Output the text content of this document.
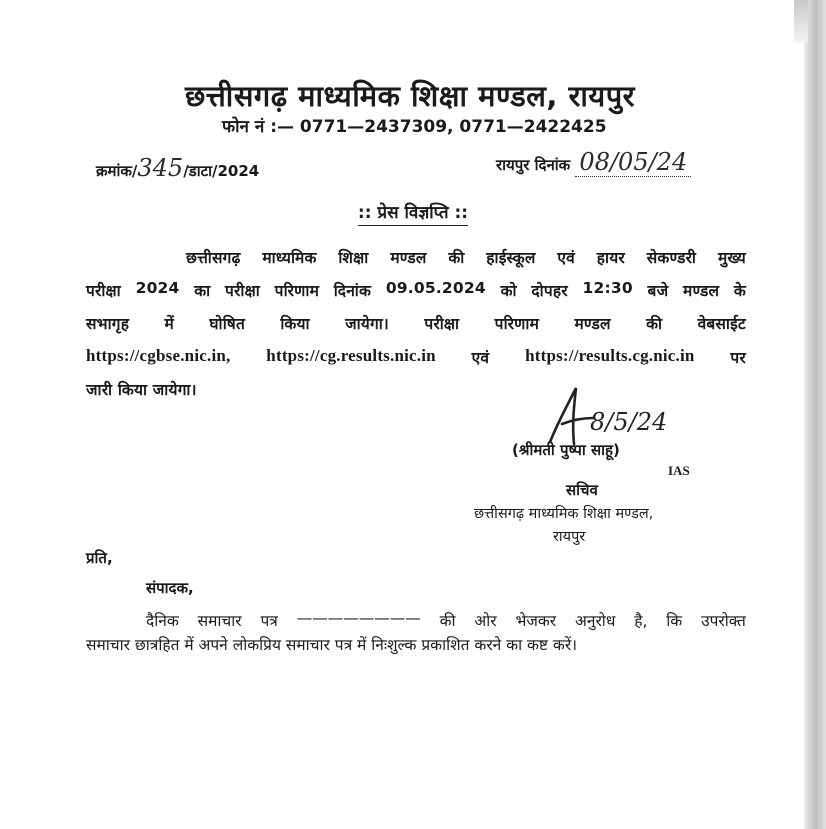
छत्तीसगढ़ माध्यमिक शिक्षा मण्डल, रायपुर
फोन नं :— 0771—2437309, 0771—2422425
क्रमांक/345/डाटा/2024	रायपुर दिनांक 08/05/24
:: प्रेस विज्ञप्ति ::
छत्तीसगढ़ माध्यमिक शिक्षा मण्डल की हाईस्कूल एवं हायर सेकण्डरी मुख्य
परीक्षा 2024 का परीक्षा परिणाम दिनांक 09.05.2024 को दोपहर 12:30 बजे मण्डल के
सभागृह में घोषित किया जायेगा। परीक्षा परिणाम मण्डल की वेबसाईट
https://cgbse.nic.in, https://cg.results.nic.in एवं https://results.cg.nic.in पर
जारी किया जायेगा।
8/5/24
(श्रीमती पुष्पा साहू)
IAS
सचिव
छत्तीसगढ़ माध्यमिक शिक्षा मण्डल,
रायपुर
प्रति,
संपादक,
दैनिक समाचार पत्र ———————— की ओर भेजकर अनुरोध है, कि उपरोक्त
समाचार छात्रहित में अपने लोकप्रिय समाचार पत्र में निःशुल्क प्रकाशित करने का कष्ट करें।
